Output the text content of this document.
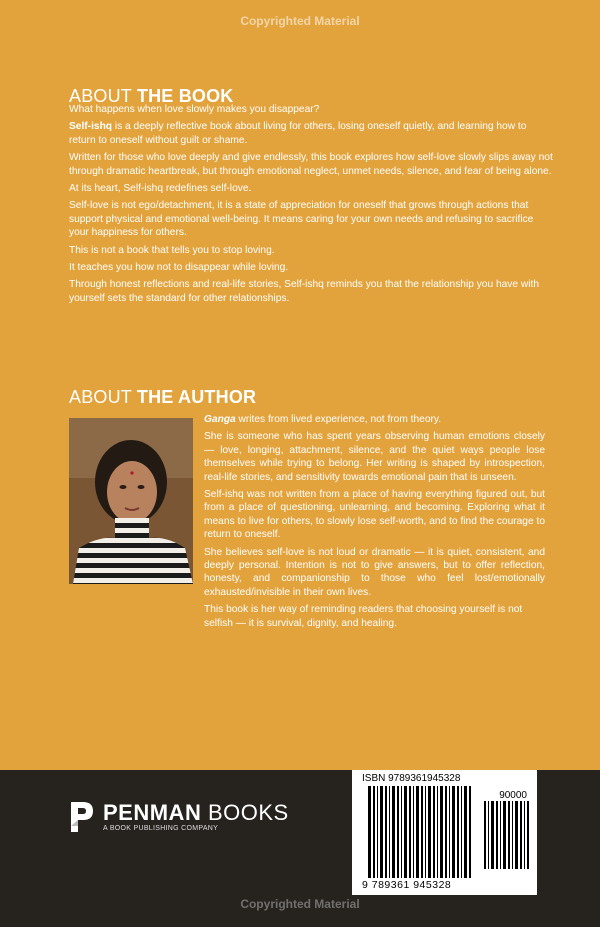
Copyrighted Material
ABOUT THE BOOK

What happens when love slowly makes you disappear?

Self-ishq is a deeply reflective book about living for others, losing oneself quietly, and learning how to return to oneself without guilt or shame.

Written for those who love deeply and give endlessly, this book explores how self-love slowly slips away not through dramatic heartbreak, but through emotional neglect, unmet needs, silence, and fear of being alone.

At its heart, Self-ishq redefines self-love.

Self-love is not ego/detachment, it is a state of appreciation for oneself that grows through actions that support physical and emotional well-being. It means caring for your own needs and refusing to sacrifice your happiness for others.

This is not a book that tells you to stop loving.

It teaches you how not to disappear while loving.

Through honest reflections and real-life stories, Self-ishq reminds you that the relationship you have with yourself sets the standard for other relationships.

ABOUT THE AUTHOR

Ganga writes from lived experience, not from theory.

She is someone who has spent years observing human emotions closely — love, longing, attachment, silence, and the quiet ways people lose themselves while trying to belong. Her writing is shaped by introspection, real-life stories, and sensitivity towards emotional pain that is unseen.

Self-ishq was not written from a place of having everything figured out, but from a place of questioning, unlearning, and becoming. Exploring what it means to live for others, to slowly lose self-worth, and to find the courage to return to oneself.

She believes self-love is not loud or dramatic — it is quiet, consistent, and deeply personal. Intention is not to give answers, but to offer reflection, honesty, and companionship to those who feel lost/emotionally exhausted/invisible in their own lives.

This book is her way of reminding readers that choosing yourself is not selfish — it is survival, dignity, and healing.

PENMAN BOOKS
A BOOK PUBLISHING COMPANY
ISBN 9789361945328
90000
9 789361 945328
Copyrighted Material
